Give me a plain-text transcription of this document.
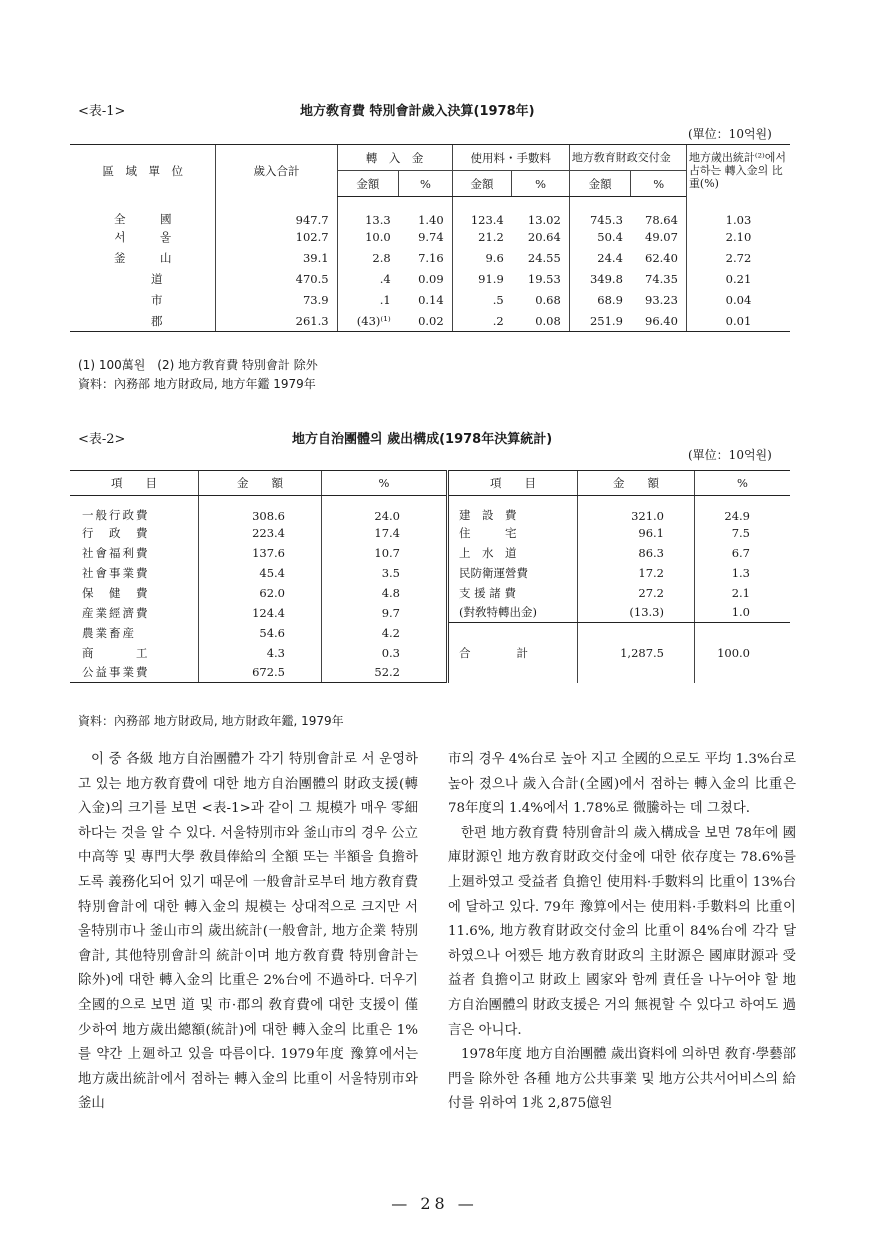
<表-1>	地方敎育費 特別會計歲入決算(1978年)
(單位：10억원)
區　域　單　位	歲入合計	轉　入　金		使用料・手數料		地方敎育財政交付金		地方歲出統計⁽²⁾에서 占하는 轉入金의 比重(%)
		金額	%	金額	%	金額	%	
全　　　國	947.7	13.3	1.40	123.4	13.02	745.3	78.64	1.03
서　　　울	102.7	10.0	9.74	21.2	20.64	50.4	49.07	2.10
釜　　　山	39.1	2.8	7.16	9.6	24.55	24.4	62.40	2.72
道	470.5	.4	0.09	91.9	19.53	349.8	74.35	0.21
市	73.9	.1	0.14	.5	0.68	68.9	93.23	0.04
郡	261.3	(43)⁽¹⁾	0.02	.2	0.08	251.9	96.40	0.01
(1) 100萬원　(2) 地方敎育費 特別會計 除外
資料：內務部 地方財政局, 地方年鑑 1979年
<表-2>	地方自治團體의 歲出構成(1978年決算統計)
(單位：10억원)
項　　目	金　　額	%	項　　目	金　　額	%
一般行政費	308.6	24.0	建　設　費	321.0	24.9
行　政　費	223.4	17.4	住　　　宅	96.1	7.5
社會福利費	137.6	10.7	上　水　道	86.3	6.7
社會事業費	45.4	3.5	民防衛運營費	17.2	1.3
保　健　費	62.0	4.8	支 援 諸 費	27.2	2.1
産業經濟費	124.4	9.7	(對敎特轉出金)	(13.3)	1.0
農業畜産	54.6	4.2	合　　　　計	1,287.5	100.0
商　　　工	4.3	0.3			
公益事業費	672.5	52.2			
資料：內務部 地方財政局, 地方財政年鑑, 1979年

이 중 各級 地方自治團體가 각기 特別會計로 서 운영하고 있는 地方敎育費에 대한 地方自治團體의 財政支援(轉入金)의 크기를 보면 <表-1>과 같이 그 規模가 매우 零細하다는 것을 알 수 있다. 서울特別市와 釜山市의 경우 公立 中高等 및 專門大學 敎員俸給의 全額 또는 半額을 負擔하도록 義務化되어 있기 때문에 一般會計로부터 地方敎育費 特別會計에 대한 轉入金의 規模는 상대적으로 크지만 서울特別市나 釜山市의 歲出統計(一般會計, 地方企業 特別會計, 其他特別會計의 統計이며 地方敎育費 特別會計는 除外)에 대한 轉入金의 比重은 2%台에 不過하다. 더우기 全國的으로 보면 道 및 市·郡의 敎育費에 대한 支援이 僅少하여 地方歲出總額(統計)에 대한 轉入金의 比重은 1%를 약간 上廻하고 있을 따름이다. 1979年度 豫算에서는 地方歲出統計에서 점하는 轉入金의 比重이 서울特別市와 釜山

市의 경우 4%台로 높아 지고 全國的으로도 平均 1.3%台로 높아 졌으나 歲入合計(全國)에서 점하는 轉入金의 比重은 78年度의 1.4%에서 1.78%로 微騰하는 데 그쳤다.

한편 地方敎育費 特別會計의 歲入構成을 보면 78年에 國庫財源인 地方敎育財政交付金에 대한 依存度는 78.6%를 上廻하였고 受益者 負擔인 使用料·手數料의 比重이 13%台에 달하고 있다. 79年 豫算에서는 使用料·手數料의 比重이 11.6%, 地方敎育財政交付金의 比重이 84%台에 각각 달하였으나 어쨌든 地方敎育財政의 主財源은 國庫財源과 受益者 負擔이고 財政上 國家와 함께 責任을 나누어야 할 地方自治團體의 財政支援은 거의 無視할 수 있다고 하여도 過言은 아니다.

1978年度 地方自治團體 歲出資料에 의하면 敎育·學藝部門을 除外한 各種 地方公共事業 및 地方公共서어비스의 給付를 위하여 1兆 2,875億원

— 28 —
